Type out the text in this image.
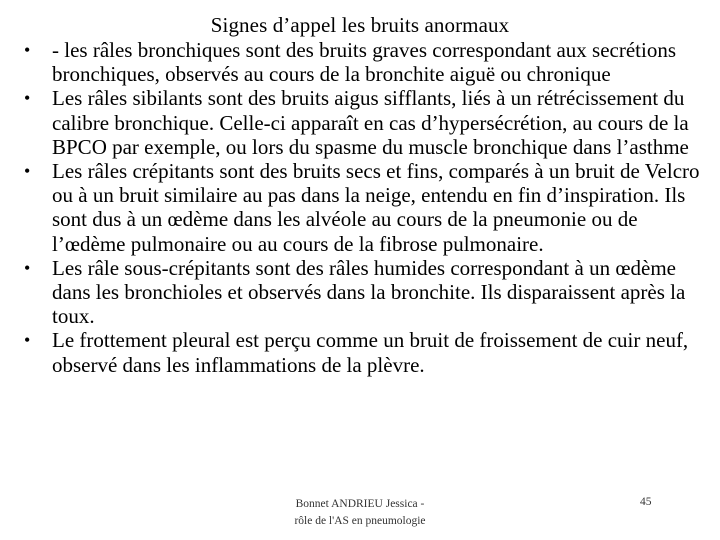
Signes d’appel les bruits anormaux
•	- les râles bronchiques sont des bruits graves correspondant aux secrétions bronchiques, observés au cours de la bronchite aiguë ou chronique
•	Les râles sibilants sont des bruits aigus sifflants, liés à un rétrécissement du calibre bronchique. Celle-ci apparaît en cas d’hypersécrétion, au cours de la BPCO par exemple, ou lors du spasme du muscle bronchique dans l’asthme
•	Les râles crépitants sont des bruits secs et fins, comparés à un bruit de Velcro ou à un bruit similaire au pas dans la neige, entendu en fin d’inspiration. Ils sont dus à un œdème dans les alvéole au cours de la pneumonie ou de l’œdème pulmonaire ou au cours de la fibrose pulmonaire.
•	Les râle sous-crépitants sont des râles humides correspondant à un œdème dans les bronchioles et observés dans la bronchite. Ils disparaissent après la toux.
•	Le frottement pleural est perçu comme un bruit de froissement de cuir neuf, observé dans les inflammations de la plèvre.
Bonnet ANDRIEU Jessica -
rôle de l'AS en pneumologie
45
